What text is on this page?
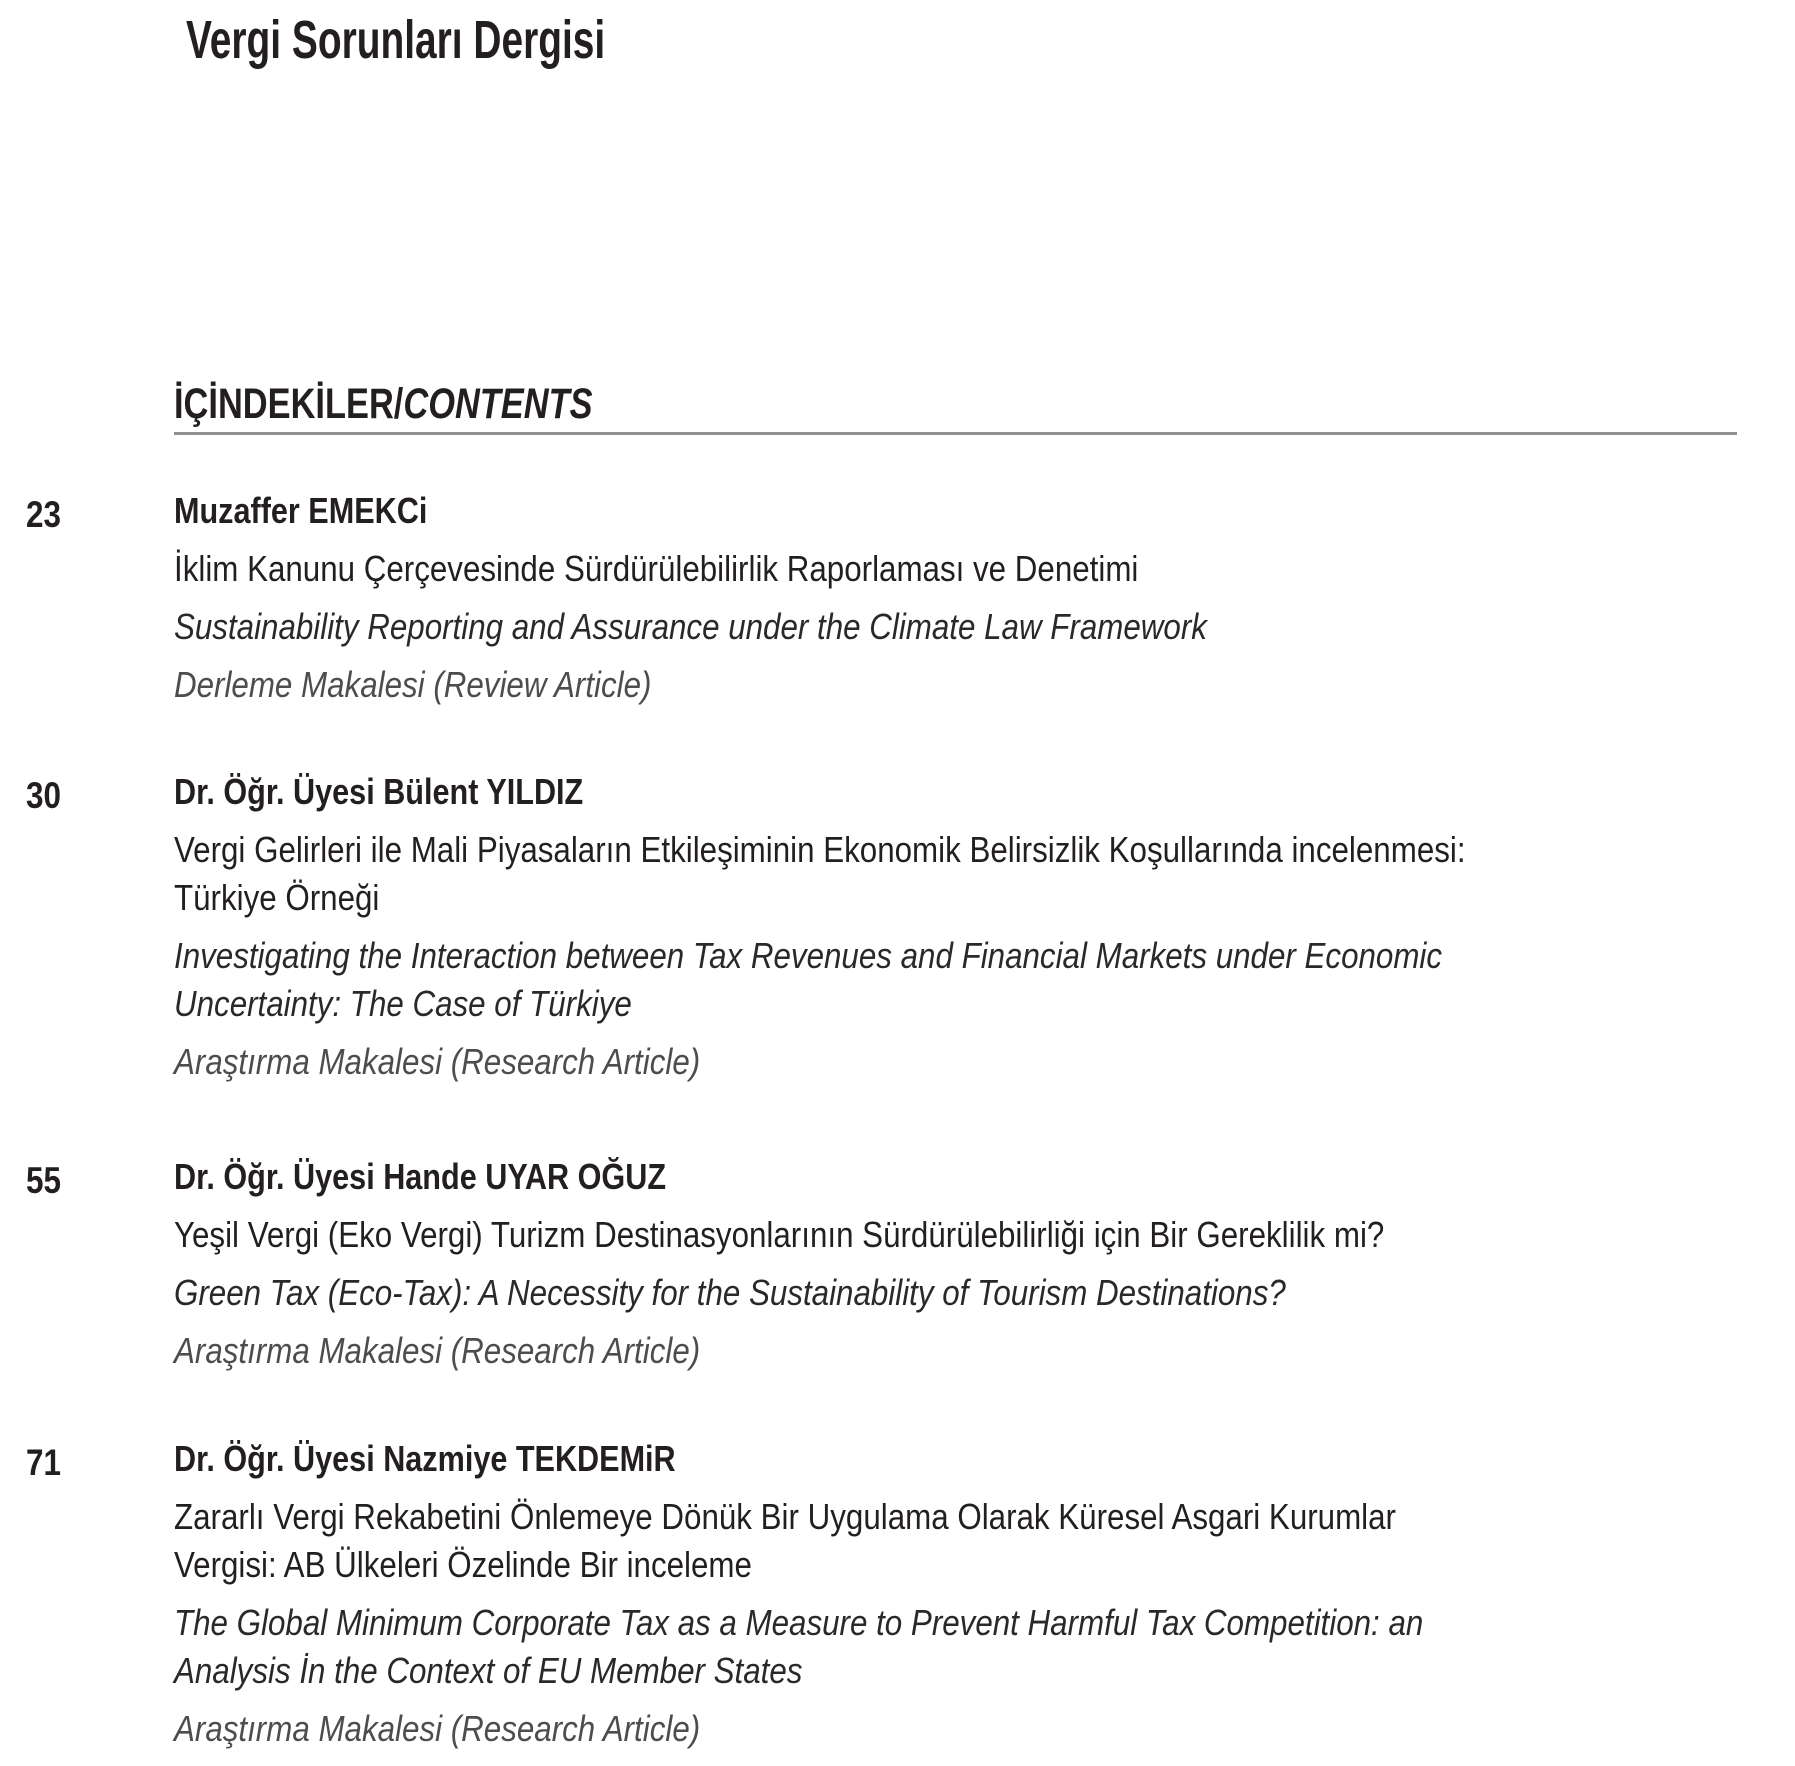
Vergi Sorunları Dergisi
İÇİNDEKİLER/CONTENTS
23	Muzaffer EMEKCi
İklim Kanunu Çerçevesinde Sürdürülebilirlik Raporlaması ve Denetimi
Sustainability Reporting and Assurance under the Climate Law Framework
Derleme Makalesi (Review Article)
30	Dr. Öğr. Üyesi Bülent YILDIZ
Vergi Gelirleri ile Mali Piyasaların Etkileşiminin Ekonomik Belirsizlik Koşullarında incelenmesi:
Türkiye Örneği
Investigating the Interaction between Tax Revenues and Financial Markets under Economic
Uncertainty: The Case of Türkiye
Araştırma Makalesi (Research Article)
55	Dr. Öğr. Üyesi Hande UYAR OĞUZ
Yeşil Vergi (Eko Vergi) Turizm Destinasyonlarının Sürdürülebilirliği için Bir Gereklilik mi?
Green Tax (Eco-Tax): A Necessity for the Sustainability of Tourism Destinations?
Araştırma Makalesi (Research Article)
71	Dr. Öğr. Üyesi Nazmiye TEKDEMiR
Zararlı Vergi Rekabetini Önlemeye Dönük Bir Uygulama Olarak Küresel Asgari Kurumlar
Vergisi: AB Ülkeleri Özelinde Bir inceleme
The Global Minimum Corporate Tax as a Measure to Prevent Harmful Tax Competition: an
Analysis İn the Context of EU Member States
Araştırma Makalesi (Research Article)
